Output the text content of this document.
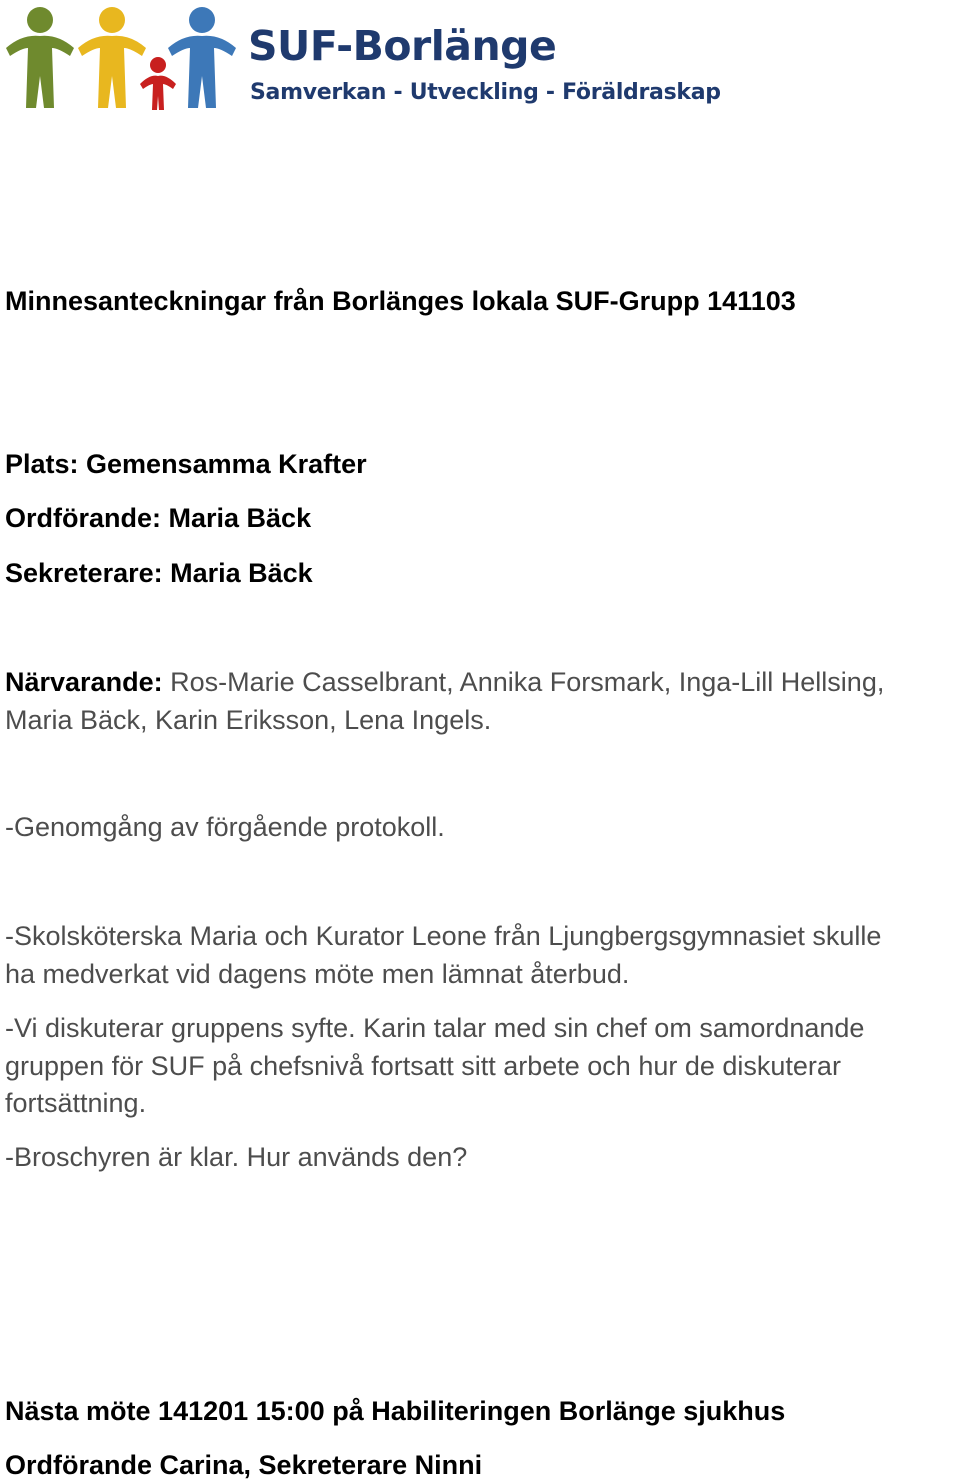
SUF-Borlänge
Samverkan - Utveckling - Föräldraskap
Minnesanteckningar från Borlänges lokala SUF-Grupp 141103
Plats: Gemensamma Krafter
Ordförande: Maria Bäck
Sekreterare: Maria Bäck
Närvarande: Ros-Marie Casselbrant, Annika Forsmark, Inga-Lill Hellsing, Maria Bäck, Karin Eriksson, Lena Ingels.
-Genomgång av förgående protokoll.
-Skolsköterska Maria och Kurator Leone från Ljungbergsgymnasiet skulle ha medverkat vid dagens möte men lämnat återbud.
-Vi diskuterar gruppens syfte. Karin talar med sin chef om samordnande gruppen för SUF på chefsnivå fortsatt sitt arbete och hur de diskuterar fortsättning.
-Broschyren är klar. Hur används den?
Nästa möte 141201 15:00 på Habiliteringen Borlänge sjukhus
Ordförande Carina, Sekreterare Ninni
